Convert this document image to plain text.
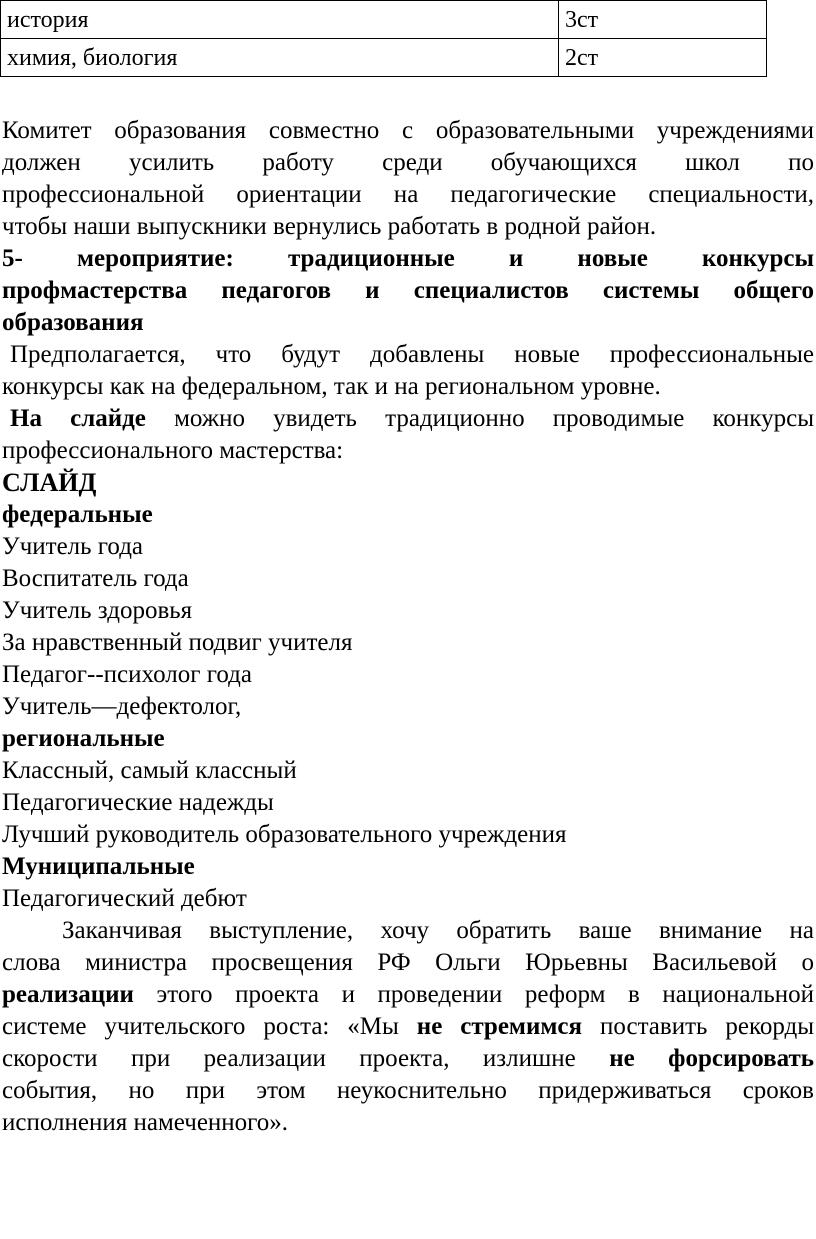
история	3ст
химия, биология	2ст
Комитет образования совместно с образовательными учреждениями
должен усилить работу среди обучающихся школ по
профессиональной ориентации на педагогические специальности,
чтобы наши выпускники вернулись работать в родной район.
5- мероприятие: традиционные и новые конкурсы
профмастерства педагогов и специалистов системы общего
образования
Предполагается, что будут добавлены новые профессиональные
конкурсы как на федеральном, так и на региональном уровне.
На слайде можно увидеть традиционно проводимые конкурсы
профессионального мастерства:
СЛАЙД
федеральные
Учитель года
Воспитатель года
Учитель здоровья
За нравственный подвиг учителя
Педагог--психолог года
Учитель—дефектолог,
региональные
Классный, самый классный
Педагогические надежды
Лучший руководитель образовательного учреждения
Муниципальные
Педагогический дебют
Заканчивая выступление, хочу обратить ваше внимание на
слова министра просвещения РФ Ольги Юрьевны Васильевой о
реализации этого проекта и проведении реформ в национальной
системе учительского роста: «Мы не стремимся поставить рекорды
скорости при реализации проекта, излишне не форсировать
события, но при этом неукоснительно придерживаться сроков
исполнения намеченного».
